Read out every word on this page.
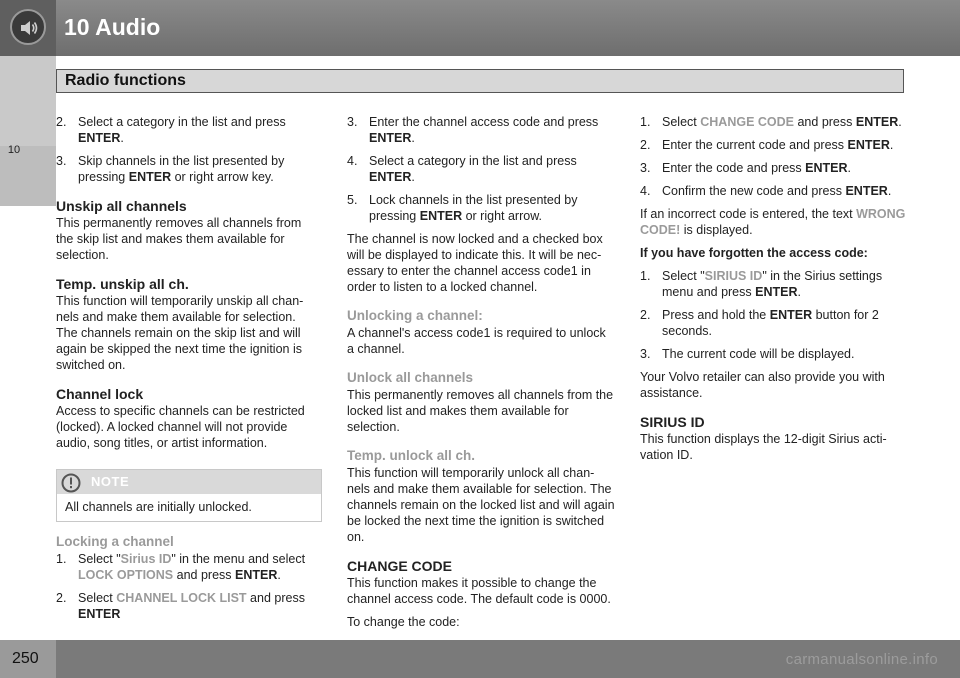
10 Audio
10
Radio functions
2. Select a category in the list and press ENTER.
3. Skip channels in the list presented by pressing ENTER or right arrow key.
Unskip all channels

This permanently removes all channels from the skip list and makes them available for selection.

Temp. unskip all ch.

This function will temporarily unskip all chan-nels and make them available for selection. The channels remain on the skip list and will again be skipped the next time the ignition is switched on.

Channel lock

Access to specific channels can be restricted (locked). A locked channel will not provide audio, song titles, or artist information.

NOTE
All channels are initially unlocked.
Locking a channel
1. Select "Sirius ID" in the menu and select LOCK OPTIONS and press ENTER.
2. Select CHANNEL LOCK LIST and press ENTER
3. Enter the channel access code and press ENTER.
4. Select a category in the list and press ENTER.
5. Lock channels in the list presented by pressing ENTER or right arrow.

The channel is now locked and a checked box will be displayed to indicate this. It will be nec-essary to enter the channel access code1 in order to listen to a locked channel.

Unlocking a channel:

A channel's access code1 is required to unlock a channel.

Unlock all channels

This permanently removes all channels from the locked list and makes them available for selection.

Temp. unlock all ch.

This function will temporarily unlock all chan-nels and make them available for selection. The channels remain on the locked list and will again be locked the next time the ignition is switched on.

CHANGE CODE

This function makes it possible to change the channel access code. The default code is 0000.

To change the code:

1. Select CHANGE CODE and press ENTER.
2. Enter the current code and press ENTER.
3. Enter the code and press ENTER.
4. Confirm the new code and press ENTER.

If an incorrect code is entered, the text WRONG CODE! is displayed.

If you have forgotten the access code:

1. Select "SIRIUS ID" in the Sirius settings menu and press ENTER.
2. Press and hold the ENTER button for 2 seconds.
3. The current code will be displayed.

Your Volvo retailer can also provide you with assistance.

SIRIUS ID

This function displays the 12-digit Sirius acti-vation ID.

250	carmanualsonline.info
